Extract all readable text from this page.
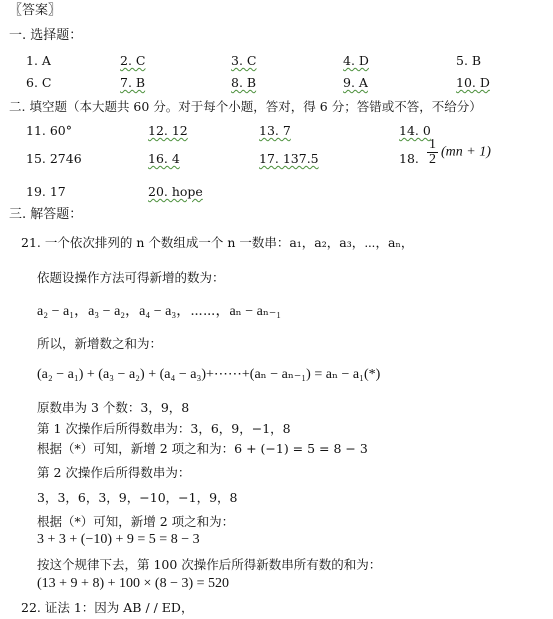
〖答案〗
一. 选择题：
1. A	2. C	3. C	4. D	5. B
6. C	7. B	8. B	9. A	10. D
二. 填空题（本大题共 60 分。对于每个小题，答对，得 6 分；答错或不答，不给分）
11. 60°	12. 12	13. 7	14. 0
15. 2746	16. 4	17. 137.5	18. $\frac{1}{2} (mn + 1)$
19. 17	20. hope
三. 解答题：
21. 一个依次排列的 n 个数组成一个 n 一数串：a₁，a₂，a₃，⋯，aₙ，
依题设操作方法可得新增的数为：
a₂ − a₁，a₃ − a₂，a₄ − a₃，⋯⋯，aₙ − aₙ₋₁
所以，新增数之和为：
(a₂ − a₁) + (a₃ − a₂) + (a₄ − a₃)+⋯⋯+(aₙ − aₙ₋₁) = aₙ − a₁(*)
原数串为 3 个数：3，9，8
第 1 次操作后所得数串为：3，6，9，−1，8
根据（*）可知，新增 2 项之和为：6 + (−1) = 5 = 8 − 3
第 2 次操作后所得数串为：
3，3，6，3，9，−10，−1，9，8
根据（*）可知，新增 2 项之和为：
3 + 3 + (−10) + 9 = 5 = 8 − 3
按这个规律下去，第 100 次操作后所得新数串所有数的和为：
(13 + 9 + 8) + 100 × (8 − 3) = 520
22. 证法 1：因为 AB / / ED，
